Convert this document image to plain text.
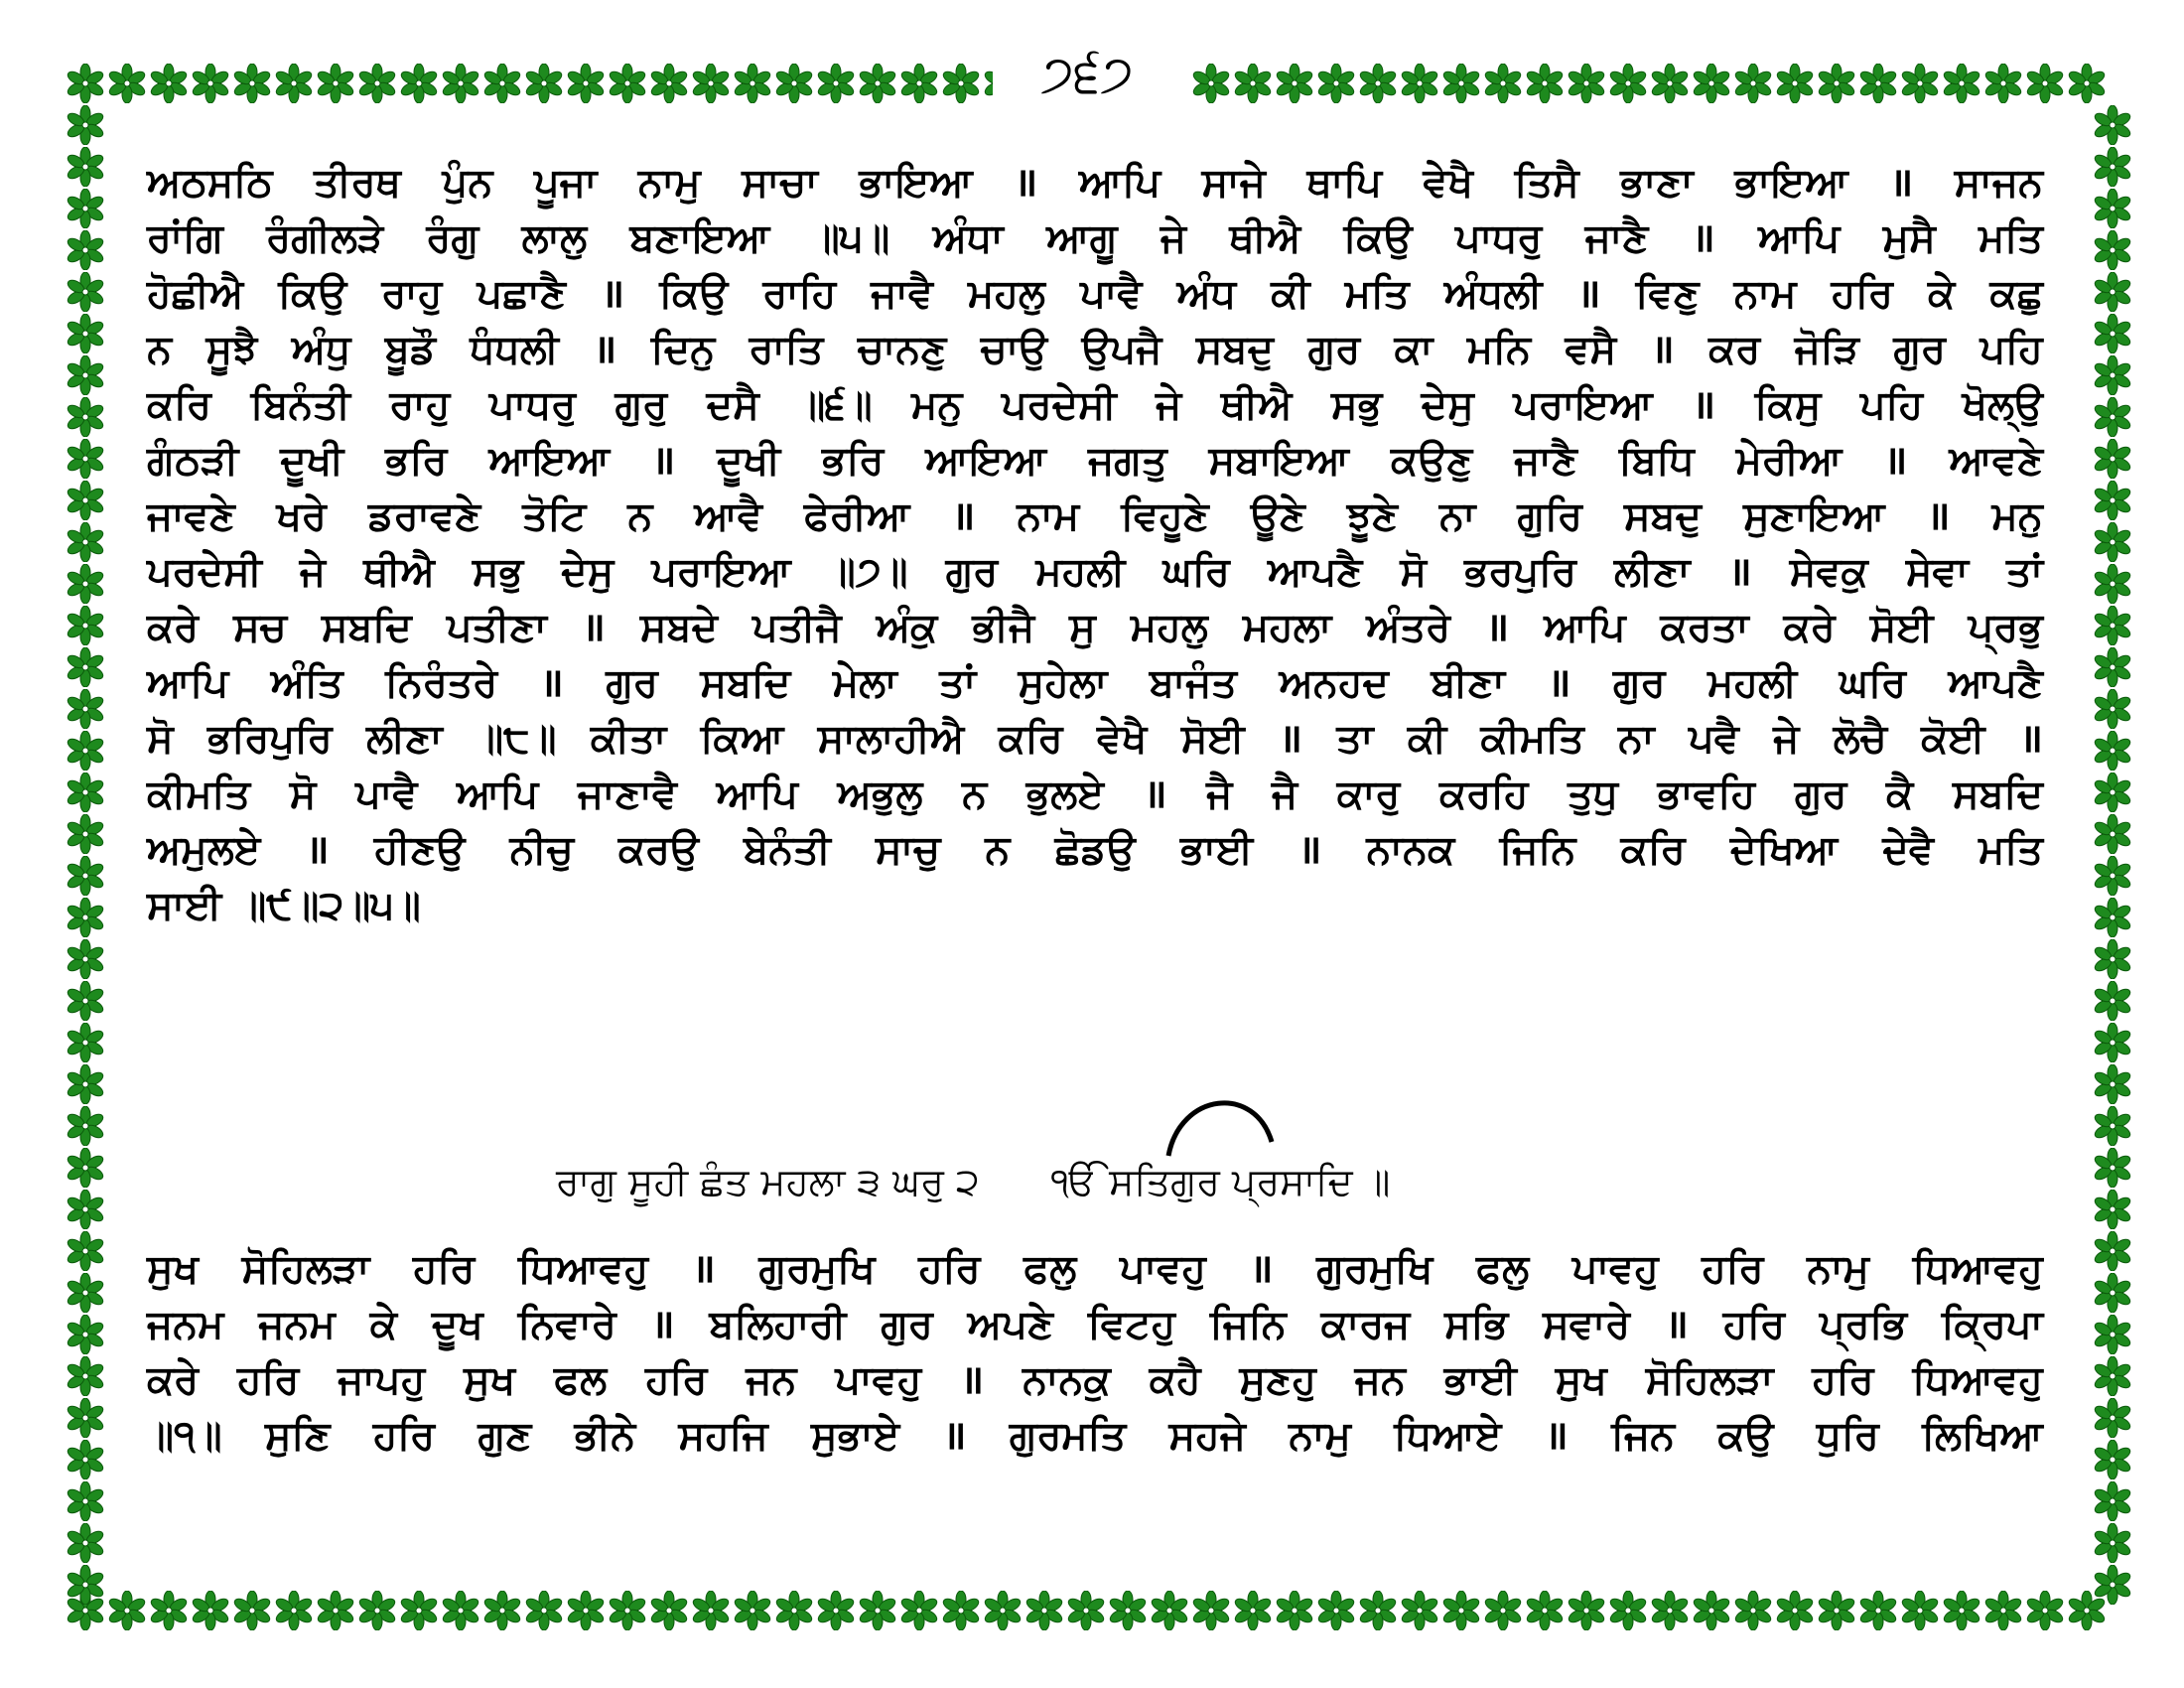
੭੬੭
ਅਠਸਠਿ ਤੀਰਥ ਪੁੰਨ ਪੂਜਾ ਨਾਮੁ ਸਾਚਾ ਭਾਇਆ ॥ ਆਪਿ ਸਾਜੇ ਥਾਪਿ ਵੇਖੈ ਤਿਸੈ ਭਾਣਾ ਭਾਇਆ ॥ ਸਾਜਨ
ਰਾਂਗਿ ਰੰਗੀਲੜੇ ਰੰਗੁ ਲਾਲੁ ਬਣਾਇਆ ॥੫॥ ਅੰਧਾ ਆਗੂ ਜੇ ਥੀਐ ਕਿਉ ਪਾਧਰੁ ਜਾਣੈ ॥ ਆਪਿ ਮੁਸੈ ਮਤਿ
ਹੋਛੀਐ ਕਿਉ ਰਾਹੁ ਪਛਾਣੈ ॥ ਕਿਉ ਰਾਹਿ ਜਾਵੈ ਮਹਲੁ ਪਾਵੈ ਅੰਧ ਕੀ ਮਤਿ ਅੰਧਲੀ ॥ ਵਿਣੁ ਨਾਮ ਹਰਿ ਕੇ ਕਛੁ
ਨ ਸੂਝੈ ਅੰਧੁ ਬੂਡੌ ਧੰਧਲੀ ॥ ਦਿਨੁ ਰਾਤਿ ਚਾਨਣੁ ਚਾਉ ਉਪਜੈ ਸਬਦੁ ਗੁਰ ਕਾ ਮਨਿ ਵਸੈ ॥ ਕਰ ਜੋੜਿ ਗੁਰ ਪਹਿ
ਕਰਿ ਬਿਨੰਤੀ ਰਾਹੁ ਪਾਧਰੁ ਗੁਰੁ ਦਸੈ ॥੬॥ ਮਨੁ ਪਰਦੇਸੀ ਜੇ ਥੀਐ ਸਭੁ ਦੇਸੁ ਪਰਾਇਆ ॥ ਕਿਸੁ ਪਹਿ ਖੋਲ੍ਉ
ਗੰਠੜੀ ਦੂਖੀ ਭਰਿ ਆਇਆ ॥ ਦੂਖੀ ਭਰਿ ਆਇਆ ਜਗਤੁ ਸਬਾਇਆ ਕਉਣੁ ਜਾਣੈ ਬਿਧਿ ਮੇਰੀਆ ॥ ਆਵਣੇ
ਜਾਵਣੇ ਖਰੇ ਡਰਾਵਣੇ ਤੋਟਿ ਨ ਆਵੈ ਫੇਰੀਆ ॥ ਨਾਮ ਵਿਹੂਣੇ ਊਣੇ ਝੂਣੇ ਨਾ ਗੁਰਿ ਸਬਦੁ ਸੁਣਾਇਆ ॥ ਮਨੁ
ਪਰਦੇਸੀ ਜੇ ਥੀਐ ਸਭੁ ਦੇਸੁ ਪਰਾਇਆ ॥੭॥ ਗੁਰ ਮਹਲੀ ਘਰਿ ਆਪਣੈ ਸੋ ਭਰਪੁਰਿ ਲੀਣਾ ॥ ਸੇਵਕੁ ਸੇਵਾ ਤਾਂ
ਕਰੇ ਸਚ ਸਬਦਿ ਪਤੀਣਾ ॥ ਸਬਦੇ ਪਤੀਜੈ ਅੰਕੁ ਭੀਜੈ ਸੁ ਮਹਲੁ ਮਹਲਾ ਅੰਤਰੇ ॥ ਆਪਿ ਕਰਤਾ ਕਰੇ ਸੋਈ ਪ੍ਰਭੁ
ਆਪਿ ਅੰਤਿ ਨਿਰੰਤਰੇ ॥ ਗੁਰ ਸਬਦਿ ਮੇਲਾ ਤਾਂ ਸੁਹੇਲਾ ਬਾਜੰਤ ਅਨਹਦ ਬੀਣਾ ॥ ਗੁਰ ਮਹਲੀ ਘਰਿ ਆਪਣੈ
ਸੋ ਭਰਿਪੁਰਿ ਲੀਣਾ ॥੮॥ ਕੀਤਾ ਕਿਆ ਸਾਲਾਹੀਐ ਕਰਿ ਵੇਖੈ ਸੋਈ ॥ ਤਾ ਕੀ ਕੀਮਤਿ ਨਾ ਪਵੈ ਜੇ ਲੋਚੈ ਕੋਈ ॥
ਕੀਮਤਿ ਸੋ ਪਾਵੈ ਆਪਿ ਜਾਣਾਵੈ ਆਪਿ ਅਭੁਲੁ ਨ ਭੁਲਏ ॥ ਜੈ ਜੈ ਕਾਰੁ ਕਰਹਿ ਤੁਧੁ ਭਾਵਹਿ ਗੁਰ ਕੈ ਸਬਦਿ
ਅਮੁਲਏ ॥ ਹੀਣਉ ਨੀਚੁ ਕਰਉ ਬੇਨੰਤੀ ਸਾਚੁ ਨ ਛੋਡਉ ਭਾਈ ॥ ਨਾਨਕ ਜਿਨਿ ਕਰਿ ਦੇਖਿਆ ਦੇਵੈ ਮਤਿ
ਸਾਈ ॥੯॥੨॥੫॥
ਰਾਗੁ ਸੂਹੀ ਛੰਤ ਮਹਲਾ ੩ ਘਰੁ ੨ ੴ ਸਤਿਗੁਰ ਪ੍ਰਸਾਦਿ ॥
ਸੁਖ ਸੋਹਿਲੜਾ ਹਰਿ ਧਿਆਵਹੁ ॥ ਗੁਰਮੁਖਿ ਹਰਿ ਫਲੁ ਪਾਵਹੁ ॥ ਗੁਰਮੁਖਿ ਫਲੁ ਪਾਵਹੁ ਹਰਿ ਨਾਮੁ ਧਿਆਵਹੁ
ਜਨਮ ਜਨਮ ਕੇ ਦੂਖ ਨਿਵਾਰੇ ॥ ਬਲਿਹਾਰੀ ਗੁਰ ਅਪਣੇ ਵਿਟਹੁ ਜਿਨਿ ਕਾਰਜ ਸਭਿ ਸਵਾਰੇ ॥ ਹਰਿ ਪ੍ਰਭਿ ਕ੍ਰਿਪਾ
ਕਰੇ ਹਰਿ ਜਾਪਹੁ ਸੁਖ ਫਲ ਹਰਿ ਜਨ ਪਾਵਹੁ ॥ ਨਾਨਕੁ ਕਹੈ ਸੁਣਹੁ ਜਨ ਭਾਈ ਸੁਖ ਸੋਹਿਲੜਾ ਹਰਿ ਧਿਆਵਹੁ
॥੧॥ ਸੁਣਿ ਹਰਿ ਗੁਣ ਭੀਨੇ ਸਹਜਿ ਸੁਭਾਏ ॥ ਗੁਰਮਤਿ ਸਹਜੇ ਨਾਮੁ ਧਿਆਏ ॥ ਜਿਨ ਕਉ ਧੁਰਿ ਲਿਖਿਆ
